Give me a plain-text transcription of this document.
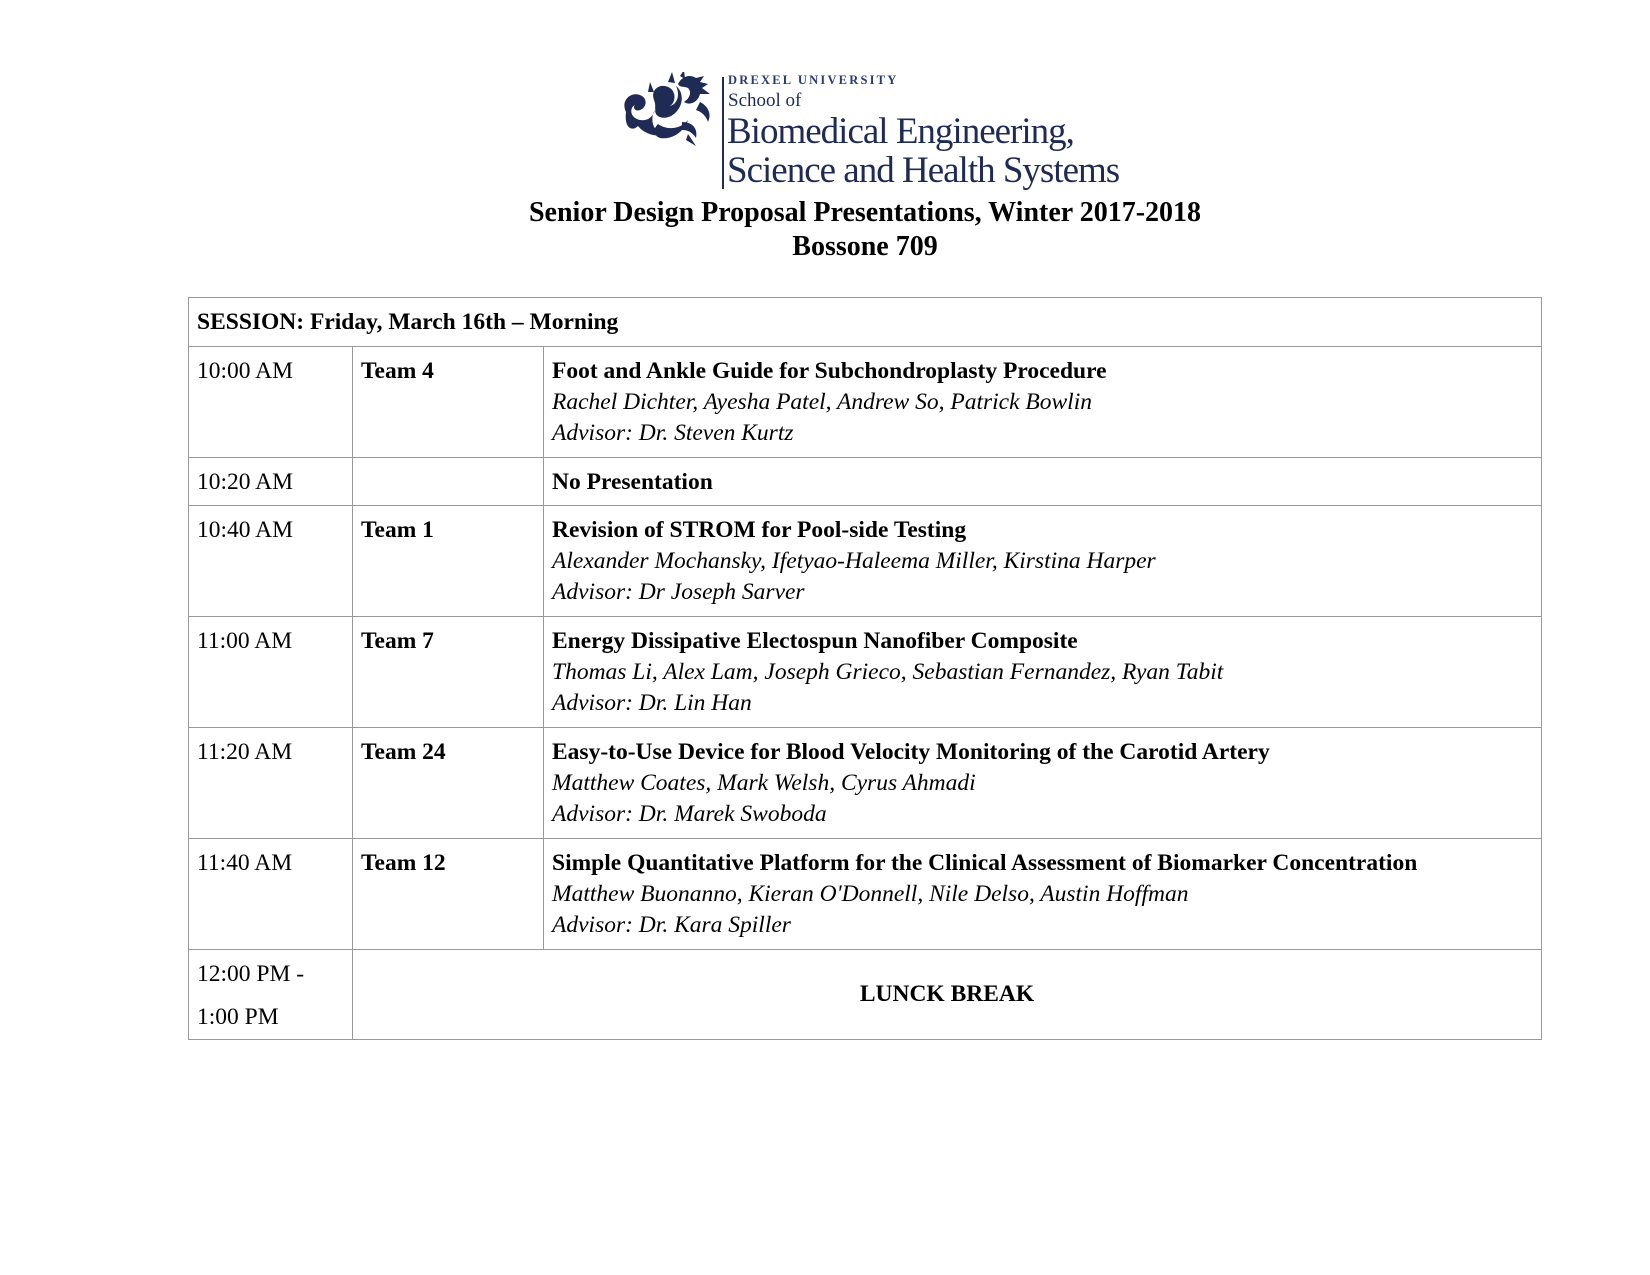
DREXEL UNIVERSITY
School of
Biomedical Engineering,
Science and Health Systems
Senior Design Proposal Presentations, Winter 2017-2018
Bossone 709
SESSION: Friday, March 16th – Morning		
10:00 AM	Team 4	Foot and Ankle Guide for Subchondroplasty Procedure
Rachel Dichter, Ayesha Patel, Andrew So, Patrick Bowlin
Advisor: Dr. Steven Kurtz

10:20 AM		No Presentation

10:40 AM	Team 1	Revision of STROM for Pool-side Testing
Alexander Mochansky, Ifetyao-Haleema Miller, Kirstina Harper
Advisor: Dr Joseph Sarver

11:00 AM	Team 7	Energy Dissipative Electospun Nanofiber Composite
Thomas Li, Alex Lam, Joseph Grieco, Sebastian Fernandez, Ryan Tabit
Advisor: Dr. Lin Han

11:20 AM	Team 24	Easy-to-Use Device for Blood Velocity Monitoring of the Carotid Artery
Matthew Coates, Mark Welsh, Cyrus Ahmadi
Advisor: Dr. Marek Swoboda

11:40 AM	Team 12	Simple Quantitative Platform for the Clinical Assessment of Biomarker Concentration
Matthew Buonanno, Kieran O'Donnell, Nile Delso, Austin Hoffman
Advisor: Dr. Kara Spiller

12:00 PM -
1:00 PM	LUNCK BREAK	
